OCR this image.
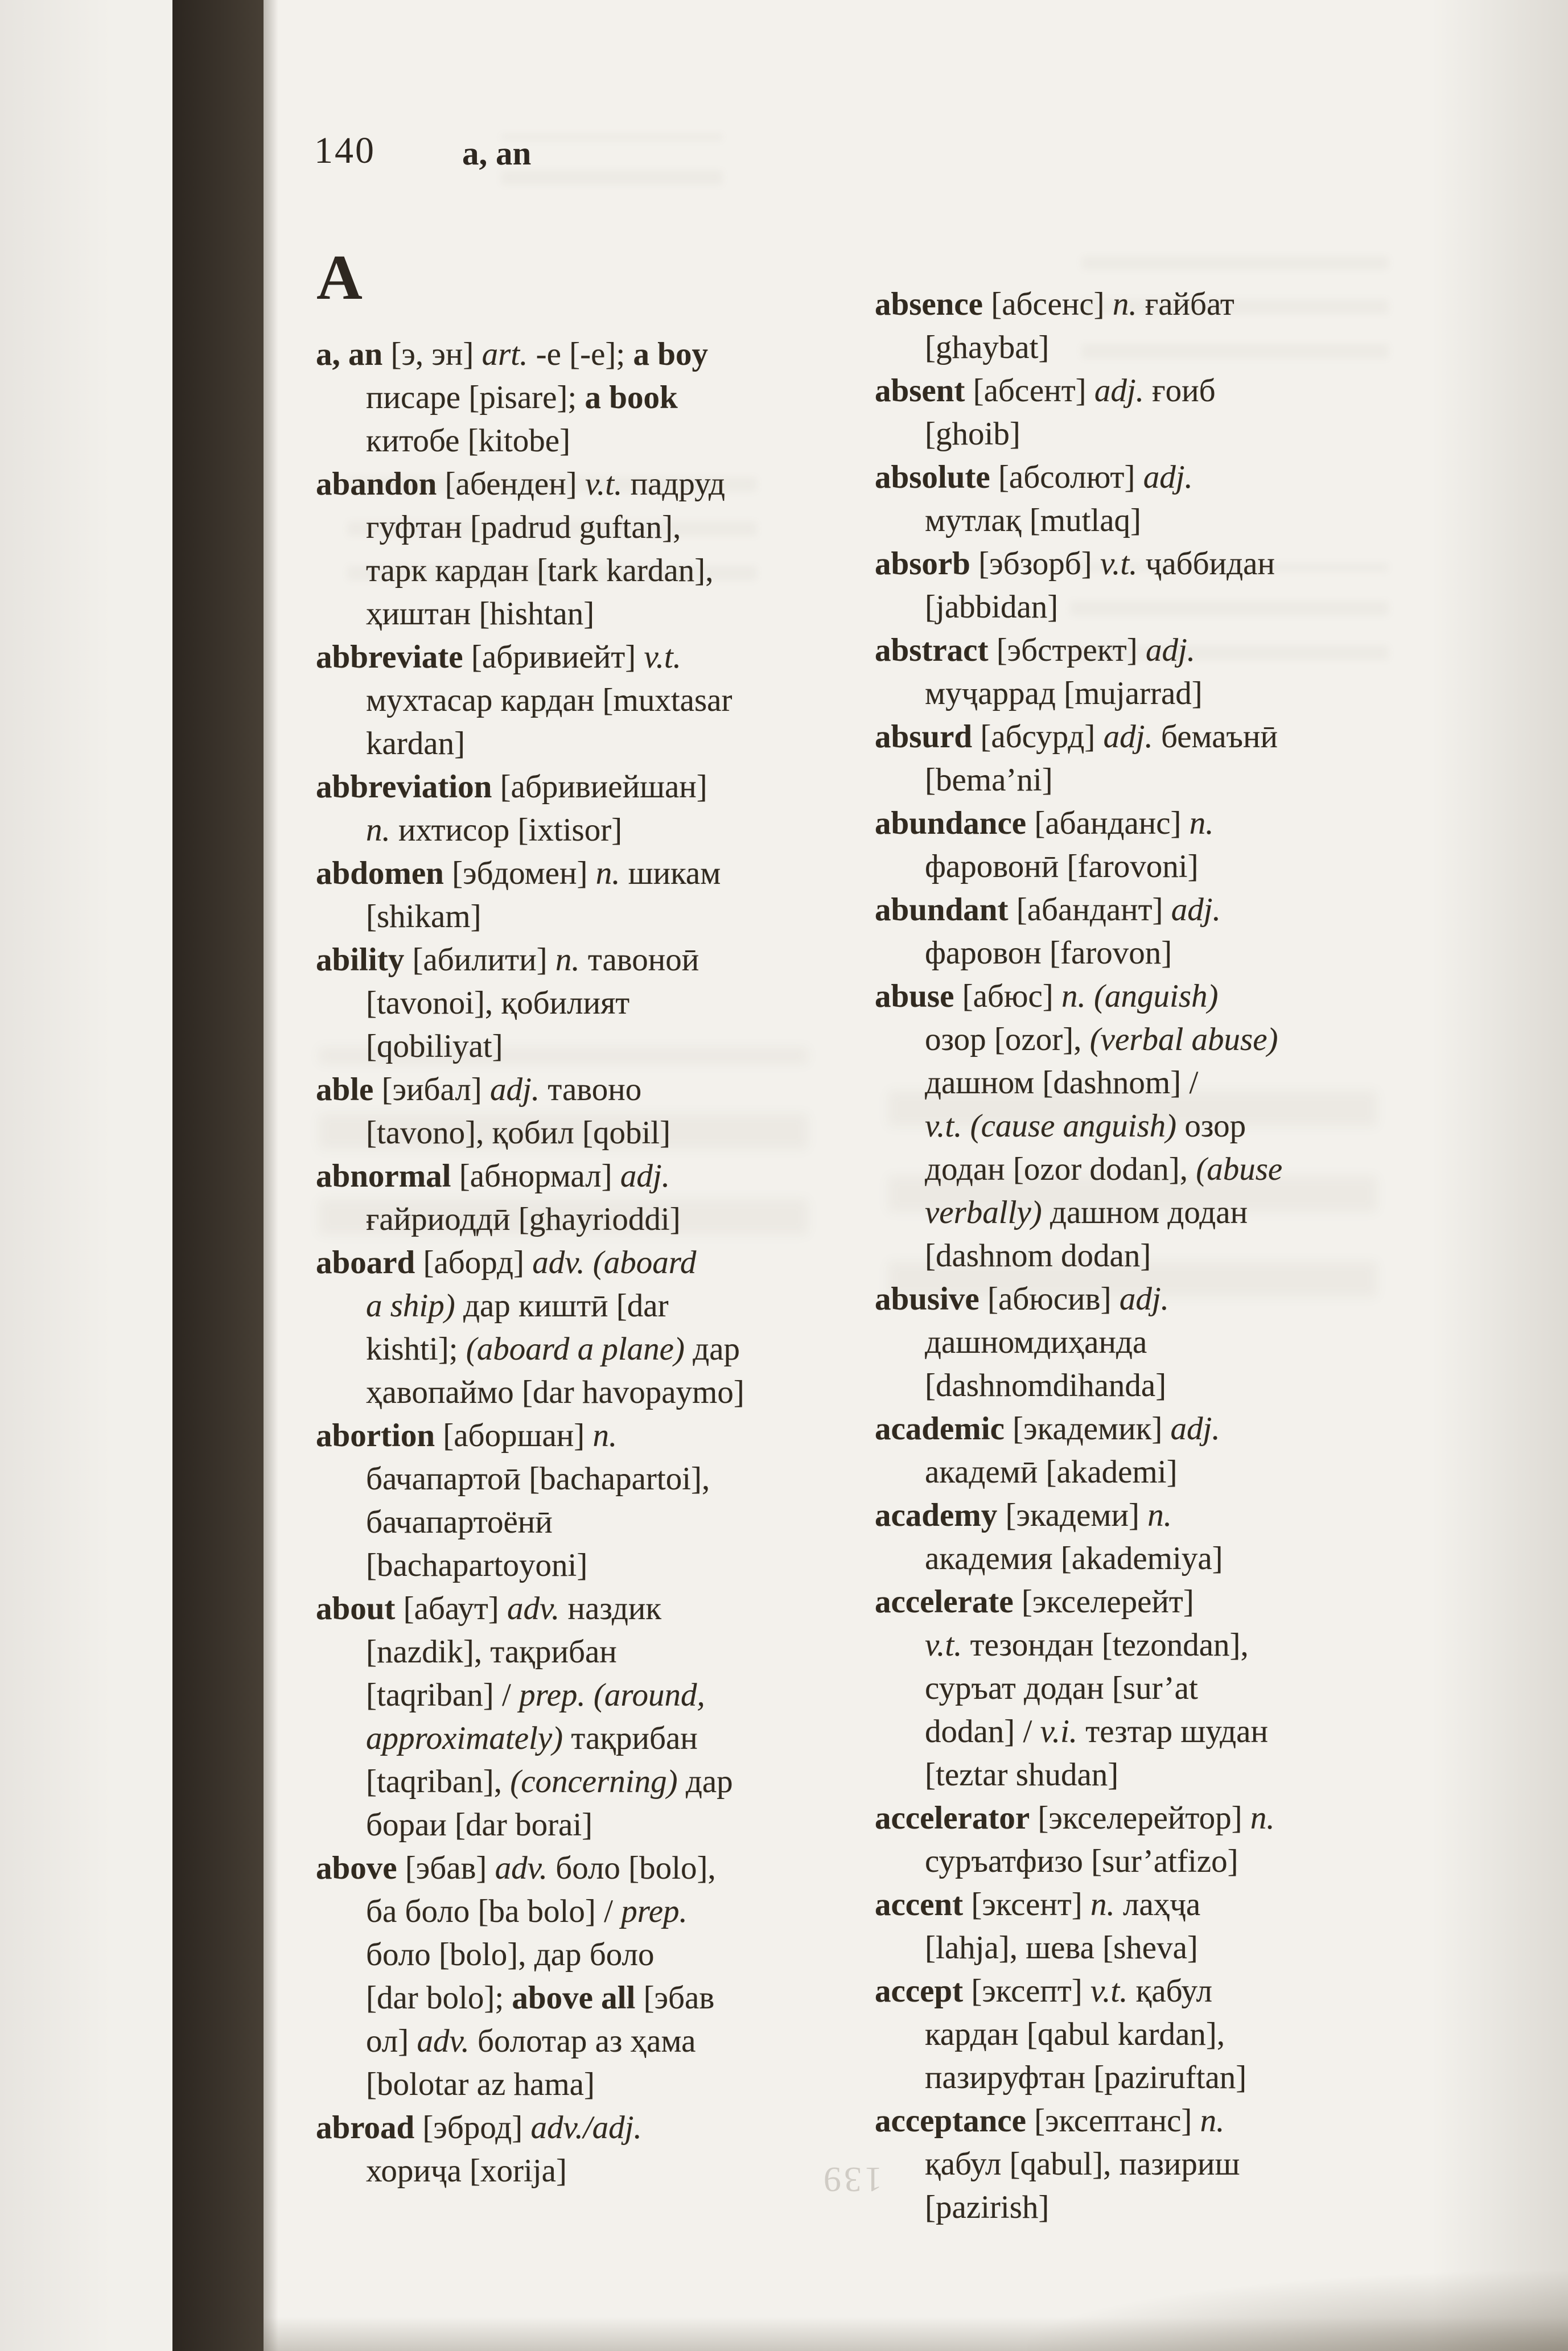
140	a, an
A
a, an [э, эн] art. -e [-e]; a boy
писаре [pisare]; a book
китобе [kitobe]
abandon [абенден] v.t. падруд
гуфтан [padrud guftan],
тарк кардан [tark kardan],
ҳиштан [hishtan]
abbreviate [абривиейт] v.t.
мухтасар кардан [muxtasar
kardan]
abbreviation [абривиейшан]
n. ихтисор [ixtisor]
abdomen [эбдомен] n. шикам
[shikam]
ability [абилити] n. тавоноӣ
[tavonoi], қобилият
[qobiliyat]
able [эибал] adj. тавоно
[tavono], қобил [qobil]
abnormal [абнормал] adj.
ғайриоддӣ [ghayrioddi]
aboard [аборд] adv. (aboard
a ship) дар киштӣ [dar
kishti]; (aboard a plane) дар
ҳавопаймо [dar havopaymo]
abortion [аборшан] n.
бачапартоӣ [bachapartoi],
бачапартоёнӣ
[bachapartoyoni]
about [абаут] adv. наздик
[nazdik], тақрибан
[taqriban] / prep. (around,
approximately) тақрибан
[taqriban], (concerning) дар
бораи [dar borai]
above [эбав] adv. боло [bolo],
ба боло [ba bolo] / prep.
боло [bolo], дар боло
[dar bolo]; above all [эбав
ол] adv. болотар аз ҳама
[bolotar az hama]
abroad [эброд] adv./adj.
хориҷа [xorija]
absence [абсенс] n. ғайбат
[ghaybat]
absent [абсент] adj. ғоиб
[ghoib]
absolute [абсолют] adj.
мутлақ [mutlaq]
absorb [эбзорб] v.t. ҷаббидан
[jabbidan]
abstract [эбстрект] adj.
муҷаррад [mujarrad]
absurd [абсурд] adj. бемаънӣ
[bema’ni]
abundance [абанданс] n.
фаровонӣ [farovoni]
abundant [абандант] adj.
фаровон [farovon]
abuse [абюс] n. (anguish)
озор [ozor], (verbal abuse)
дашном [dashnom] /
v.t. (cause anguish) озор
додан [ozor dodan], (abuse
verbally) дашном додан
[dashnom dodan]
abusive [абюсив] adj.
дашномдиҳанда
[dashnomdihanda]
academic [экадемик] adj.
академӣ [akademi]
academy [экадеми] n.
академия [akademiya]
accelerate [экселерейт]
v.t. тезондан [tezondan],
суръат додан [sur’at
dodan] / v.i. тезтар шудан
[teztar shudan]
accelerator [экселерейтор] n.
суръатфизо [sur’atfizo]
accent [эксент] n. лаҳҷа
[lahja], шева [sheva]
accept [эксепт] v.t. қабул
кардан [qabul kardan],
пазируфтан [paziruftan]
acceptance [эксептанс] n.
қабул [qabul], пазириш
[pazirish]
139
